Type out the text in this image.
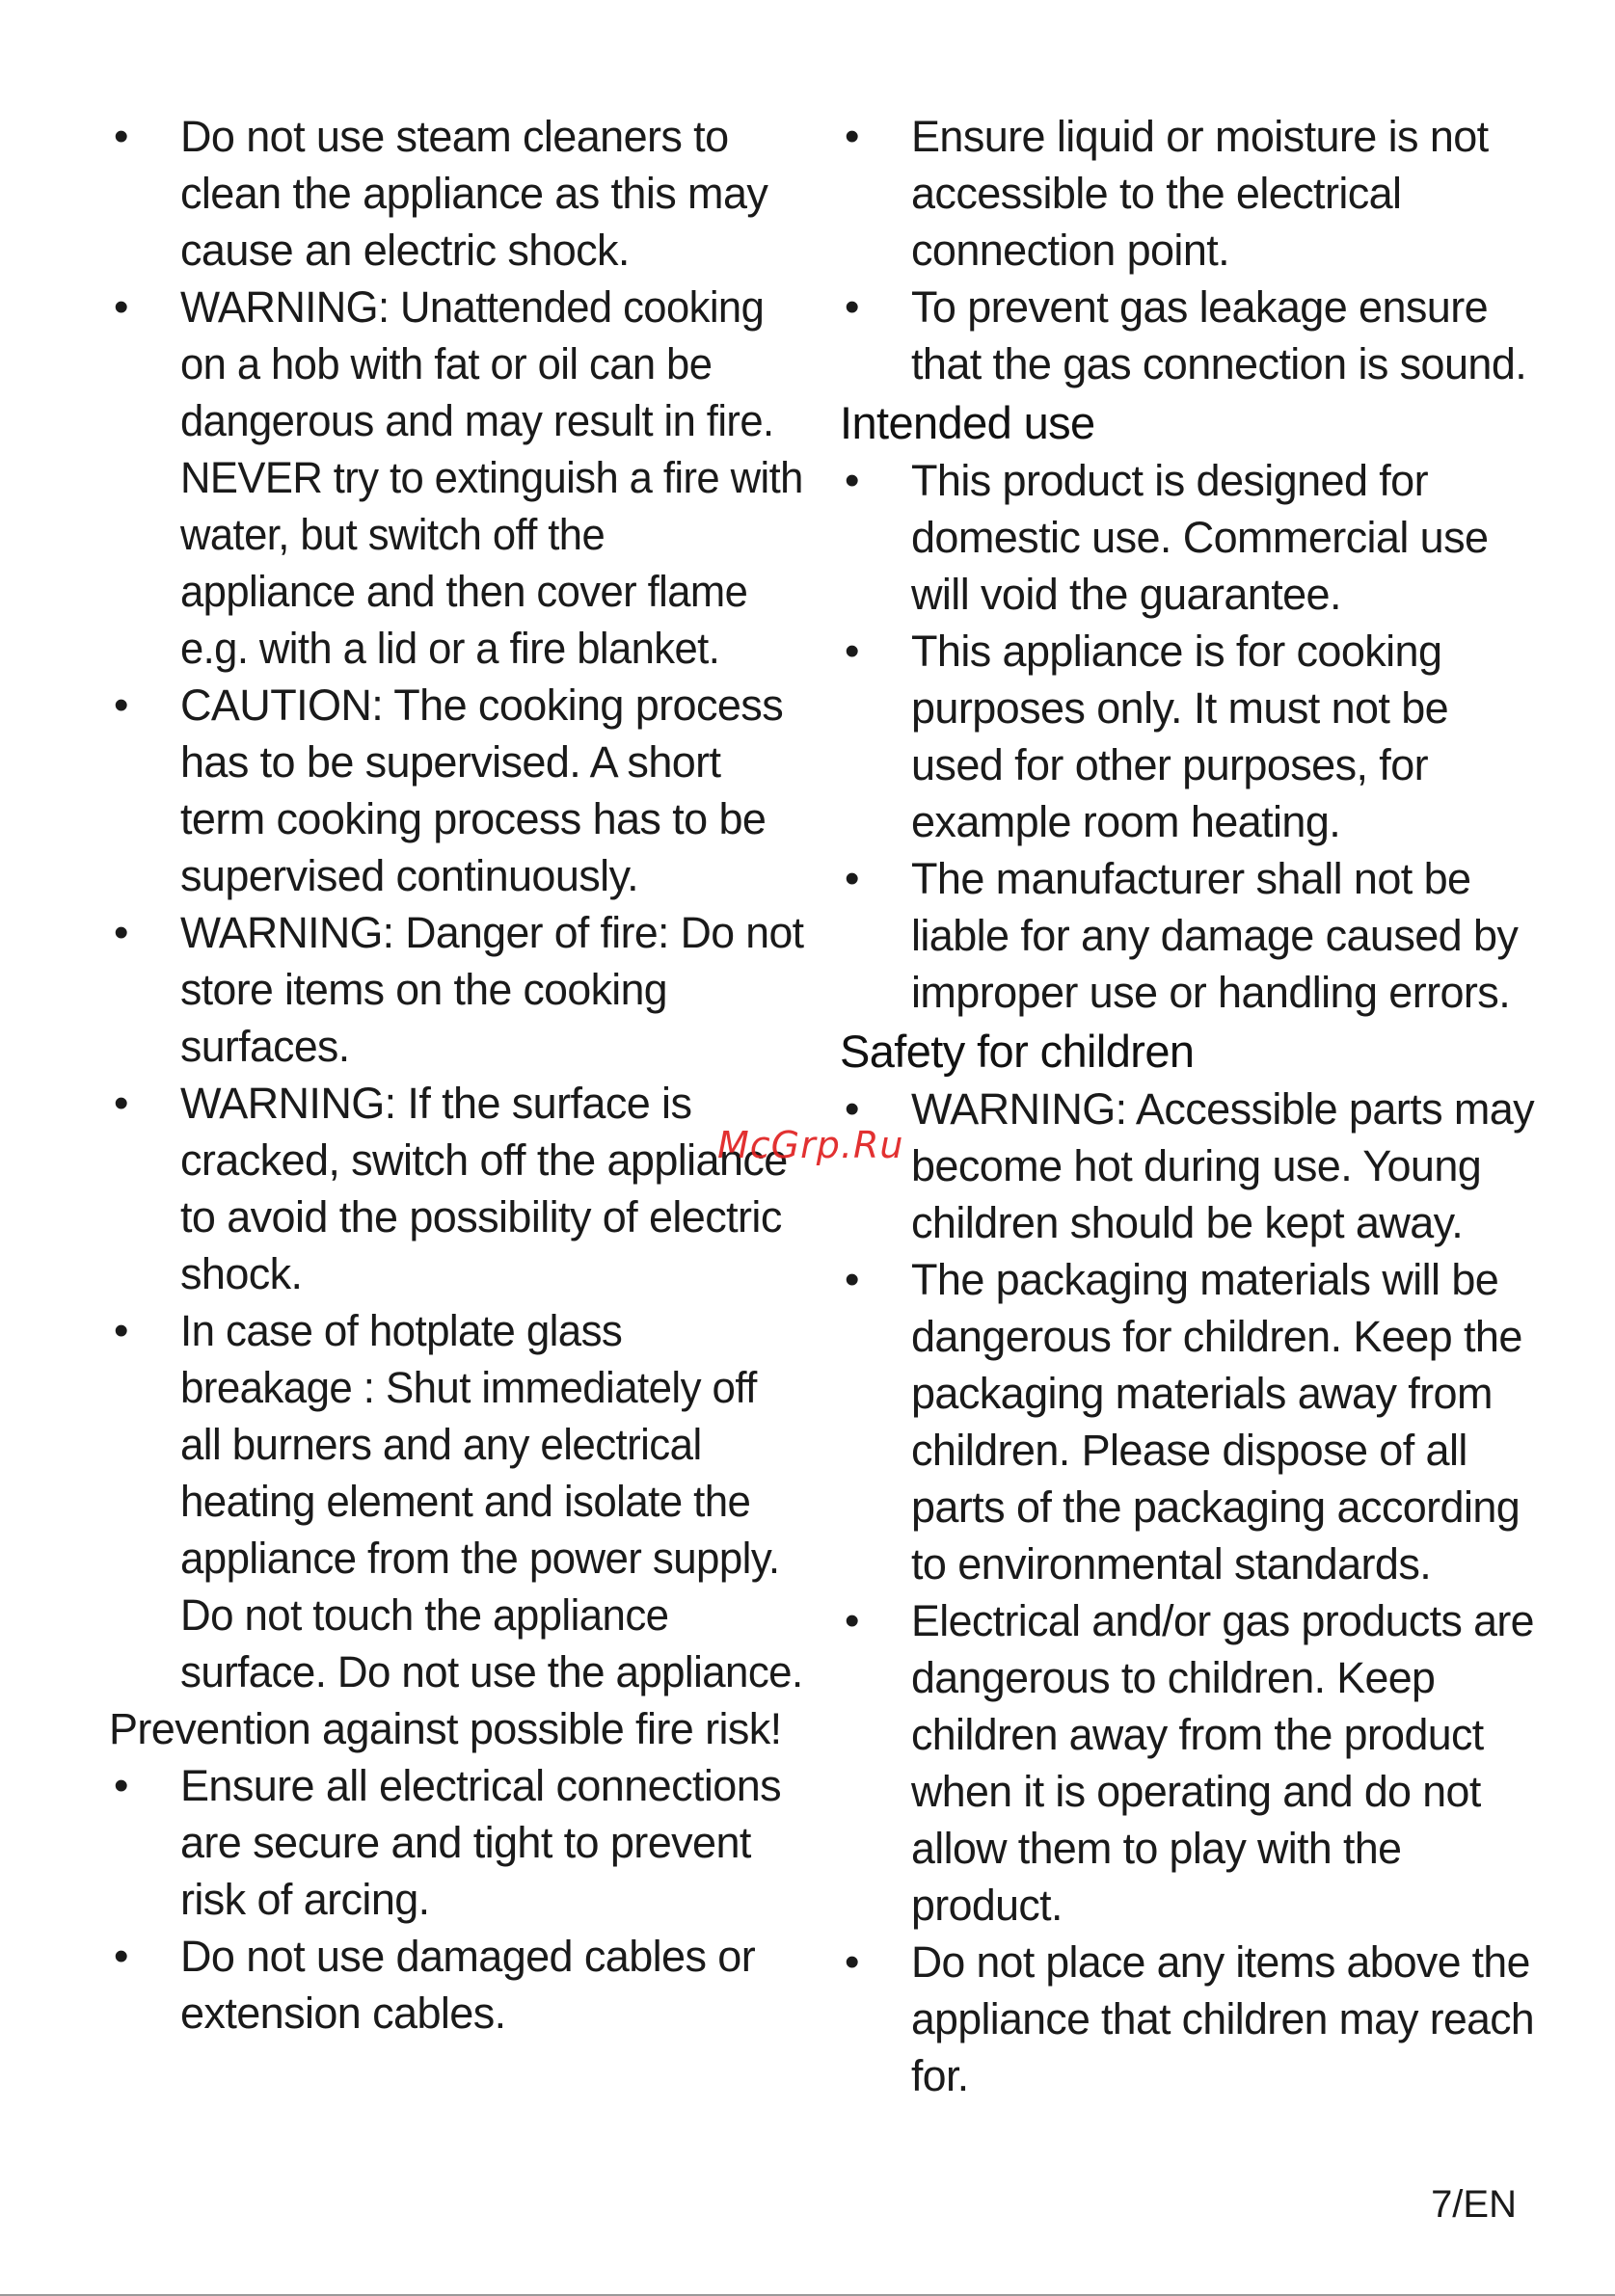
• Do not use steam cleaners to
clean the appliance as this may
cause an electric shock.
• WARNING: Unattended cooking
on a hob with fat or oil can be
dangerous and may result in fire.
NEVER try to extinguish a fire with
water, but switch off the
appliance and then cover flame
e.g. with a lid or a fire blanket.
• CAUTION: The cooking process
has to be supervised. A short
term cooking process has to be
supervised continuously.
• WARNING: Danger of fire: Do not
store items on the cooking
surfaces.
• WARNING: If the surface is
cracked, switch off the appliance
to avoid the possibility of electric
shock.
• In case of hotplate glass
breakage : Shut immediately off
all burners and any electrical
heating element and isolate the
appliance from the power supply.
Do not touch the appliance
surface. Do not use the appliance.
Prevention against possible fire risk!
• Ensure all electrical connections
are secure and tight to prevent
risk of arcing.
• Do not use damaged cables or
extension cables.
• Ensure liquid or moisture is not
accessible to the electrical
connection point.
• To prevent gas leakage ensure
that the gas connection is sound.
Intended use
• This product is designed for
domestic use. Commercial use
will void the guarantee.
• This appliance is for cooking
purposes only. It must not be
used for other purposes, for
example room heating.
• The manufacturer shall not be
liable for any damage caused by
improper use or handling errors.
Safety for children
• WARNING: Accessible parts may
become hot during use. Young
children should be kept away.
• The packaging materials will be
dangerous for children. Keep the
packaging materials away from
children. Please dispose of all
parts of the packaging according
to environmental standards.
• Electrical and/or gas products are
dangerous to children. Keep
children away from the product
when it is operating and do not
allow them to play with the
product.
• Do not place any items above the
appliance that children may reach
for.
McGrp.Ru
7/EN
